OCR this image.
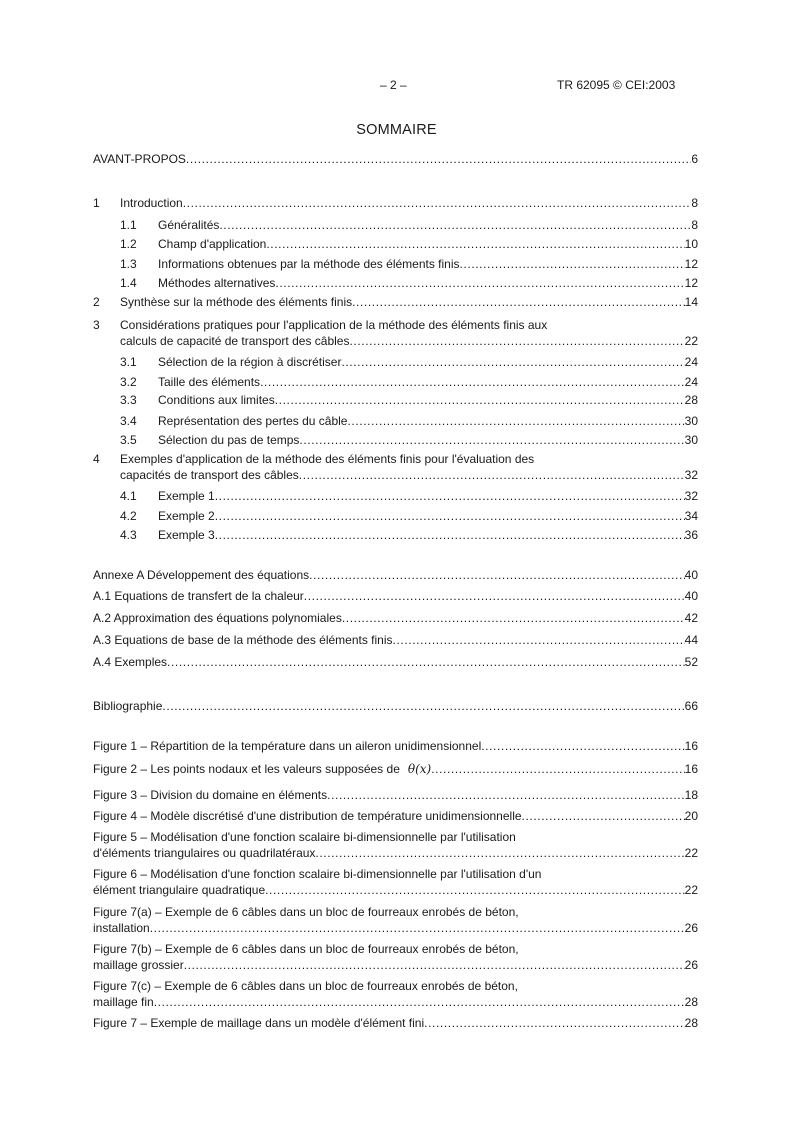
– 2 –	TR 62095 © CEI:2003
SOMMAIRE
AVANT-PROPOS .....	6
1	Introduction .....	8
1.1	Généralités .....	8
1.2	Champ d'application .....	10
1.3	Informations obtenues par la méthode des éléments finis .....	12
1.4	Méthodes alternatives .....	12
2	Synthèse sur la méthode des éléments finis .....	14
3 Considérations pratiques pour l'application de la méthode des éléments finis aux
calculs de capacité de transport des câbles .....	22
3.1	Sélection de la région à discrétiser .....	24
3.2	Taille des éléments .....	24
3.3	Conditions aux limites .....	28
3.4	Représentation des pertes du câble .....	30
3.5	Sélection du pas de temps .....	30
4 Exemples d'application de la méthode des éléments finis pour l'évaluation des
capacités de transport des câbles .....	32
4.1	Exemple 1 .....	32
4.2	Exemple 2 .....	34
4.3	Exemple 3 .....	36
Annexe A Développement des équations .....	40
A.1 Equations de transfert de la chaleur .....	40
A.2 Approximation des équations polynomiales .....	42
A.3 Equations de base de la méthode des éléments finis .....	44
A.4 Exemples .....	52
Bibliographie .....	66
Figure 1 – Répartition de la température dans un aileron unidimensionnel .....	16
Figure 2 – Les points nodaux et les valeurs supposées de θ(x) .....	16
Figure 3 – Division du domaine en éléments .....	18
Figure 4 – Modèle discrétisé d'une distribution de température unidimensionnelle .....	20
Figure 5 – Modélisation d'une fonction scalaire bi-dimensionnelle par l'utilisation
d'éléments triangulaires ou quadrilatéraux .....	22
Figure 6 – Modélisation d'une fonction scalaire bi-dimensionnelle par l'utilisation d'un
élément triangulaire quadratique .....	22
Figure 7(a) – Exemple de 6 câbles dans un bloc de fourreaux enrobés de béton,
installation .....	26
Figure 7(b) – Exemple de 6 câbles dans un bloc de fourreaux enrobés de béton,
maillage grossier .....	26
Figure 7(c) – Exemple de 6 câbles dans un bloc de fourreaux enrobés de béton,
maillage fin .....	28
Figure 7 – Exemple de maillage dans un modèle d'élément fini .....	28
